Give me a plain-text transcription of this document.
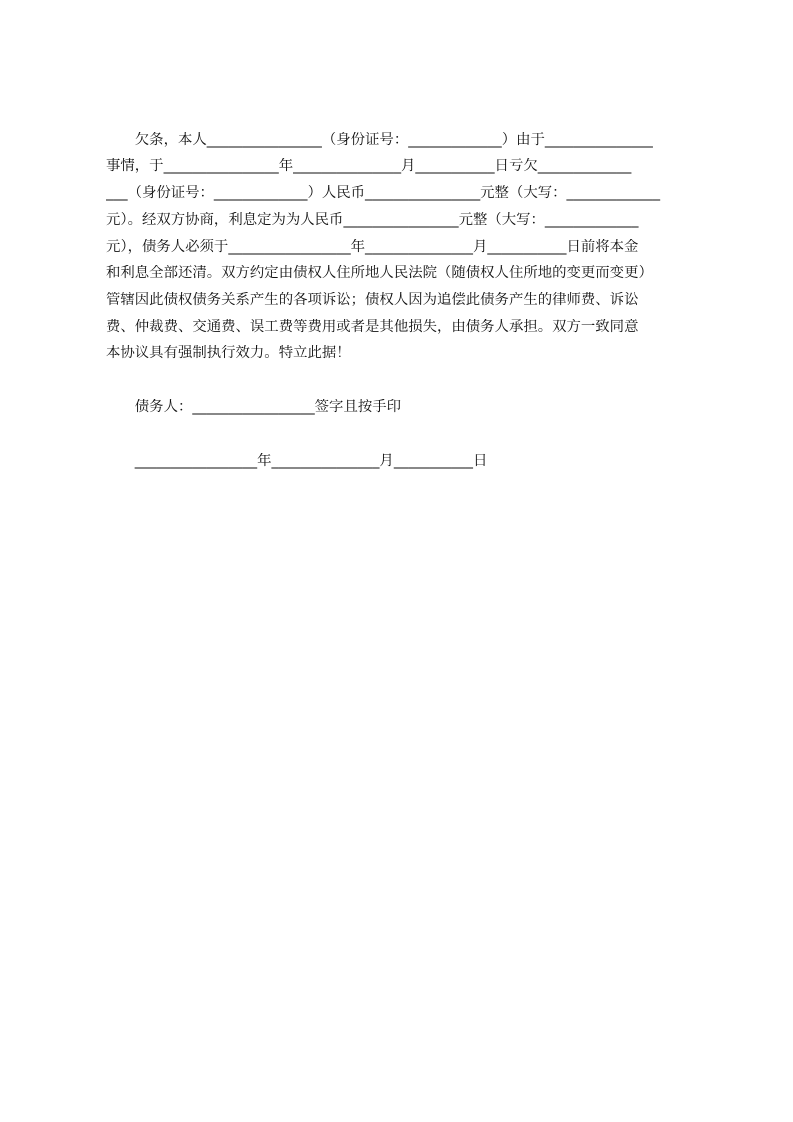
　　欠条，本人________________（身份证号：_____________）由于_______________
事情，于________________年_______________月___________日亏欠_____________
___（身份证号：_____________）人民币________________元整（大写：_____________
元）。经双方协商，利息定为为人民币________________元整（大写：_____________
元），债务人必须于_________________年_______________月___________日前将本金
和利息全部还清。双方约定由债权人住所地人民法院（随债权人住所地的变更而变更）
管辖因此债权债务关系产生的各项诉讼；债权人因为追偿此债务产生的律师费、诉讼
费、仲裁费、交通费、误工费等费用或者是其他损失，由债务人承担。双方一致同意
本协议具有强制执行效力。特立此据！
　　债务人：_________________签字且按手印
　　_________________年_______________月___________日
